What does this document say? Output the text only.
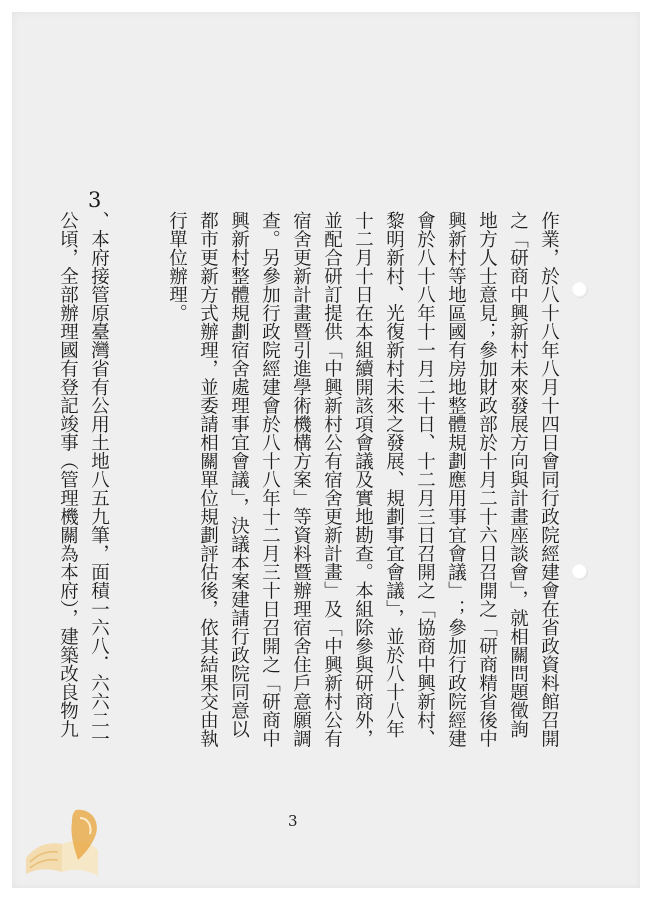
作業，於八十八年八月十四日會同行政院經建會在省政資料館召開
之「研商中興新村未來發展方向與計畫座談會」，就相關問題徵詢
地方人士意見；參加財政部於十月二十六日召開之「研商精省後中
興新村等地區國有房地整體規劃應用事宜會議」；參加行政院經建
會於八十八年十一月二十日、十二月三日召開之「協商中興新村、
黎明新村、光復新村未來之發展、規劃事宜會議」，並於八十八年
十二月十日在本組續開該項會議及實地勘查。本組除參與研商外，
並配合研訂提供「中興新村公有宿舍更新計畫」及「中興新村公有
宿舍更新計畫暨引進學術機構方案」等資料暨辦理宿舍住戶意願調
查。另參加行政院經建會於八十八年十二月三十日召開之「研商中
興新村整體規劃宿舍處理事宜會議」，決議本案建請行政院同意以
都市更新方式辦理，並委請相關單位規劃評估後，依其結果交由執
行單位辦理。
3
、本府接管原臺灣省有公用土地八五九筆，面積一六八．六六二一
公頃，全部辦理國有登記竣事（管理機關為本府），建築改良物九
3
